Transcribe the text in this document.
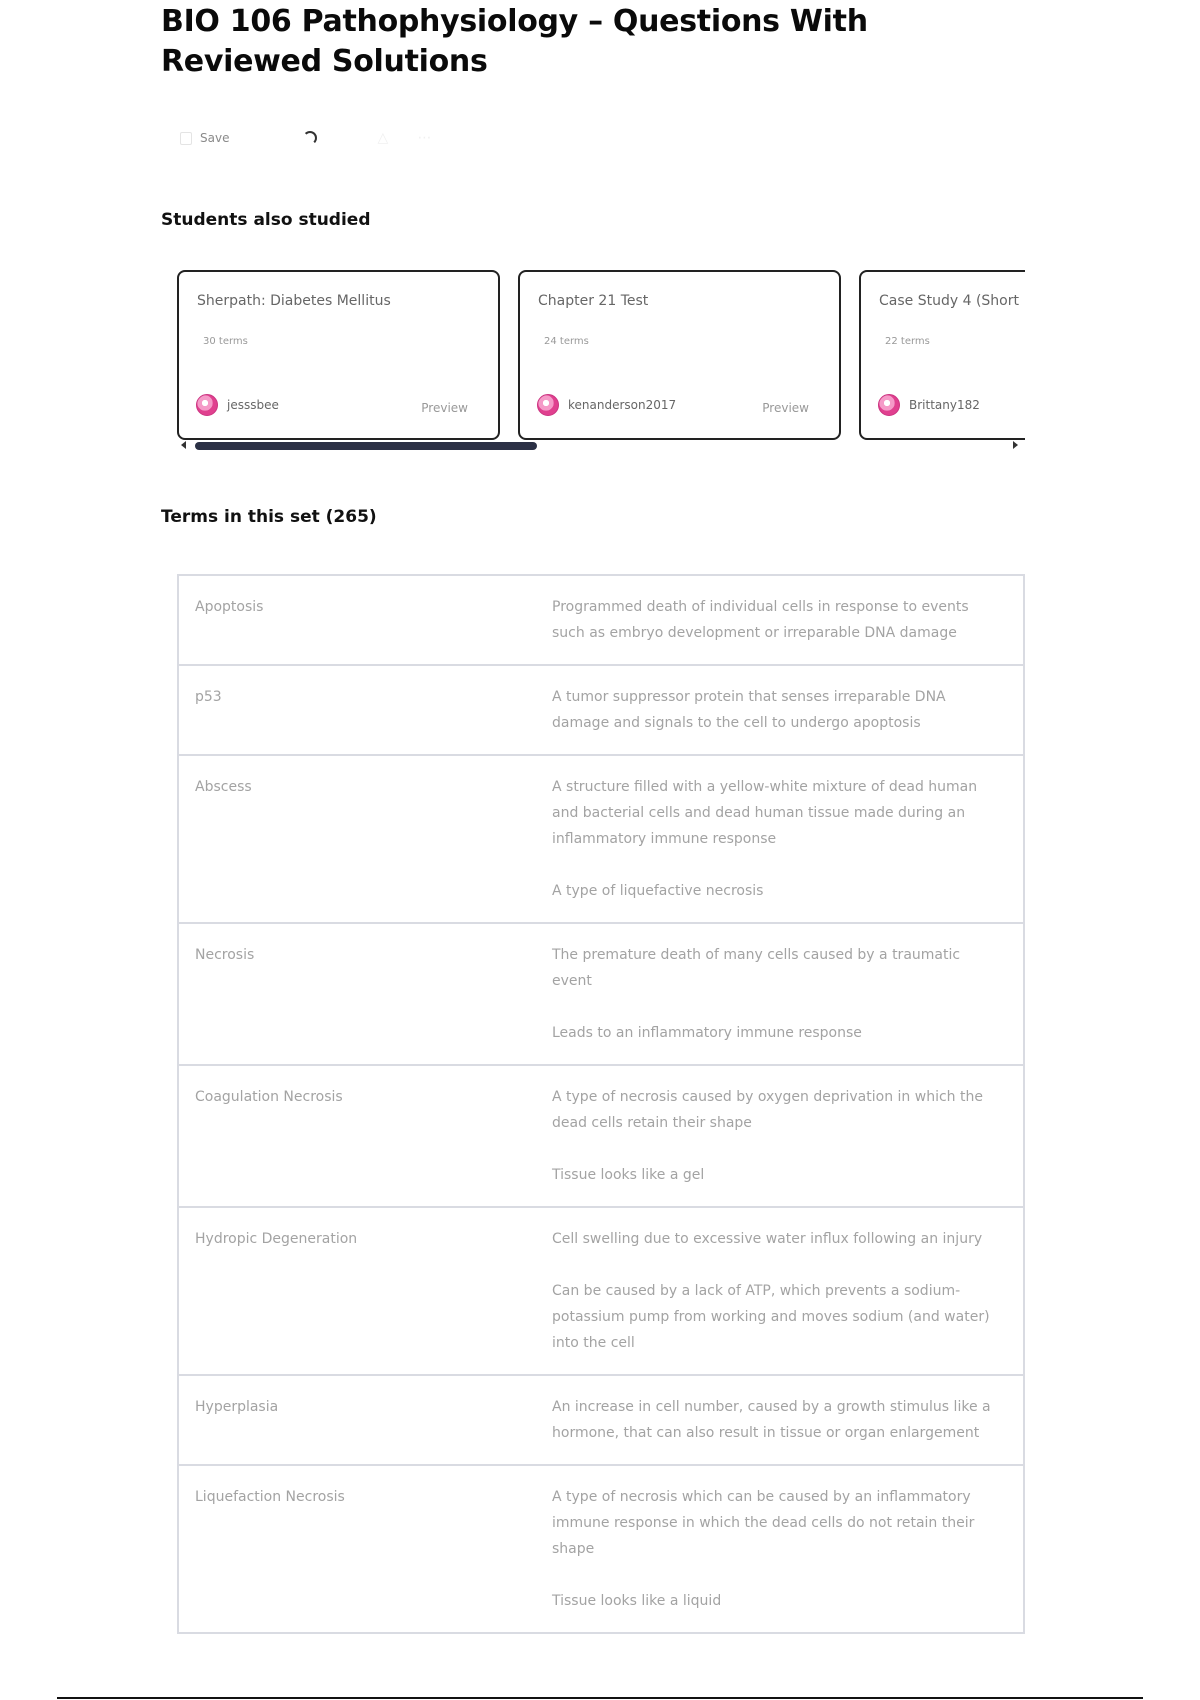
BIO 106 Pathophysiology – Questions With Reviewed Solutions
Save	△ ⋯
Students also studied
Sherpath: Diabetes Mellitus
30 terms
jesssbee	Preview
Chapter 21 Test
24 terms
kenanderson2017	Preview
Case Study 4 (Short
22 terms
Brittany182
Terms in this set (265)
Apoptosis	Programmed death of individual cells in response to events such as embryo development or irreparable DNA damage

p53	A tumor suppressor protein that senses irreparable DNA damage and signals to the cell to undergo apoptosis

Abscess	A structure filled with a yellow-white mixture of dead human and bacterial cells and dead human tissue made during an inflammatory immune response

A type of liquefactive necrosis

Necrosis	The premature death of many cells caused by a traumatic event

Leads to an inflammatory immune response

Coagulation Necrosis	A type of necrosis caused by oxygen deprivation in which the dead cells retain their shape

Tissue looks like a gel

Hydropic Degeneration	Cell swelling due to excessive water influx following an injury

Can be caused by a lack of ATP, which prevents a sodium-potassium pump from working and moves sodium (and water) into the cell

Hyperplasia	An increase in cell number, caused by a growth stimulus like a hormone, that can also result in tissue or organ enlargement

Liquefaction Necrosis	A type of necrosis which can be caused by an inflammatory immune response in which the dead cells do not retain their shape

Tissue looks like a liquid
